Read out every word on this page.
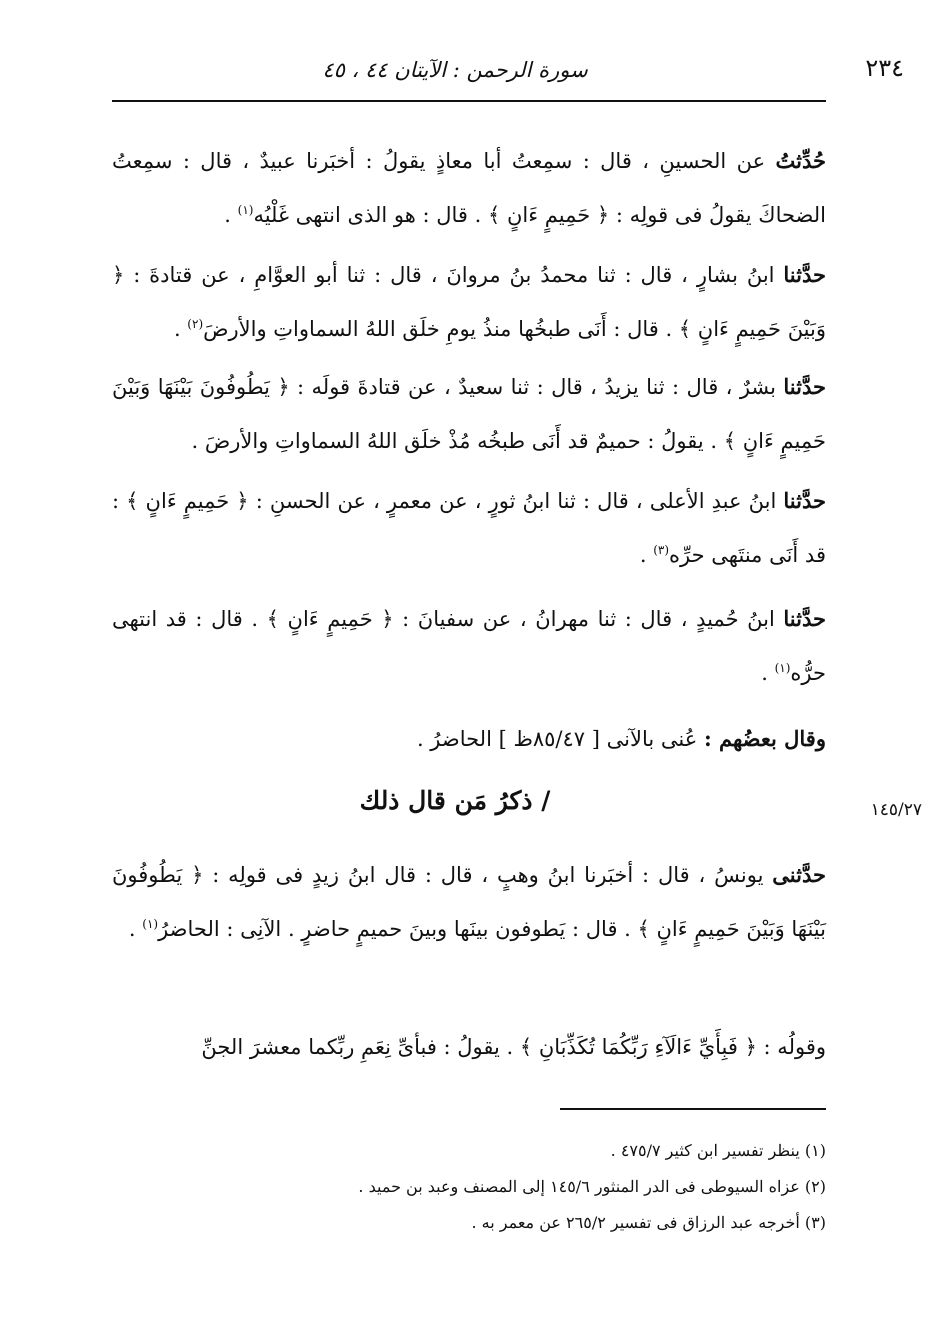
٢٣٤
سورة الرحمن : الآيتان ٤٤ ، ٤٥
حُدِّثتُ عن الحسينِ ، قال : سمِعتُ أبا معاذٍ يقولُ : أخبَرنا عبيدٌ ، قال : سمِعتُ الضحاكَ يقولُ فى قولِه : ﴿ حَمِيمٍ ءَانٍ ﴾ . قال : هو الذى انتهى غَلْيُه$^{(١)}$ .
حدَّثنا ابنُ بشارٍ ، قال : ثنا محمدُ بنُ مروانَ ، قال : ثنا أبو العوَّامِ ، عن قتادةَ : ﴿ وَبَيْنَ حَمِيمٍ ءَانٍ ﴾ . قال : أَنَى طبخُها منذُ يومِ خلَق اللهُ السماواتِ والأرضَ$^{(٢)}$ .
حدَّثنا بشرٌ ، قال : ثنا يزيدُ ، قال : ثنا سعيدٌ ، عن قتادةَ قولَه : ﴿ يَطُوفُونَ بَيْنَهَا وَبَيْنَ حَمِيمٍ ءَانٍ ﴾ . يقولُ : حميمٌ قد أَنَى طبخُه مُذْ خلَق اللهُ السماواتِ والأرضَ .
حدَّثنا ابنُ عبدِ الأعلى ، قال : ثنا ابنُ ثورٍ ، عن معمرٍ ، عن الحسنِ : ﴿ حَمِيمٍ ءَانٍ ﴾ : قد أَنَى منتَهى حرِّه$^{(٣)}$ .
حدَّثنا ابنُ حُميدٍ ، قال : ثنا مهرانُ ، عن سفيانَ : ﴿ حَمِيمٍ ءَانٍ ﴾ . قال : قد انتهى حرُّه$^{(١)}$ .
وقال بعضُهم : عُنى بالآنى [ ٨٥/٤٧ظ ] الحاضرُ .
/ ذكرُ مَن قال ذلك	١٤٥/٢٧
حدَّثنى يونسُ ، قال : أخبَرنا ابنُ وهبٍ ، قال : قال ابنُ زيدٍ فى قولِه : ﴿ يَطُوفُونَ بَيْنَهَا وَبَيْنَ حَمِيمٍ ءَانٍ ﴾ . قال : يَطوفون بينَها وبينَ حميمٍ حاضرٍ . الآنِى : الحاضرُ$^{(١)}$ .
وقولُه : ﴿ فَبِأَيِّ ءَالَآءِ رَبِّكُمَا تُكَذِّبَانِ ﴾ . يقولُ : فبأىِّ نِعَمِ ربِّكما معشرَ الجنِّ
(١) ينظر تفسير ابن كثير ٤٧٥/٧ .
(٢) عزاه السيوطى فى الدر المنثور ١٤٥/٦ إلى المصنف وعبد بن حميد .
(٣) أخرجه عبد الرزاق فى تفسير ٢٦٥/٢ عن معمر به .
